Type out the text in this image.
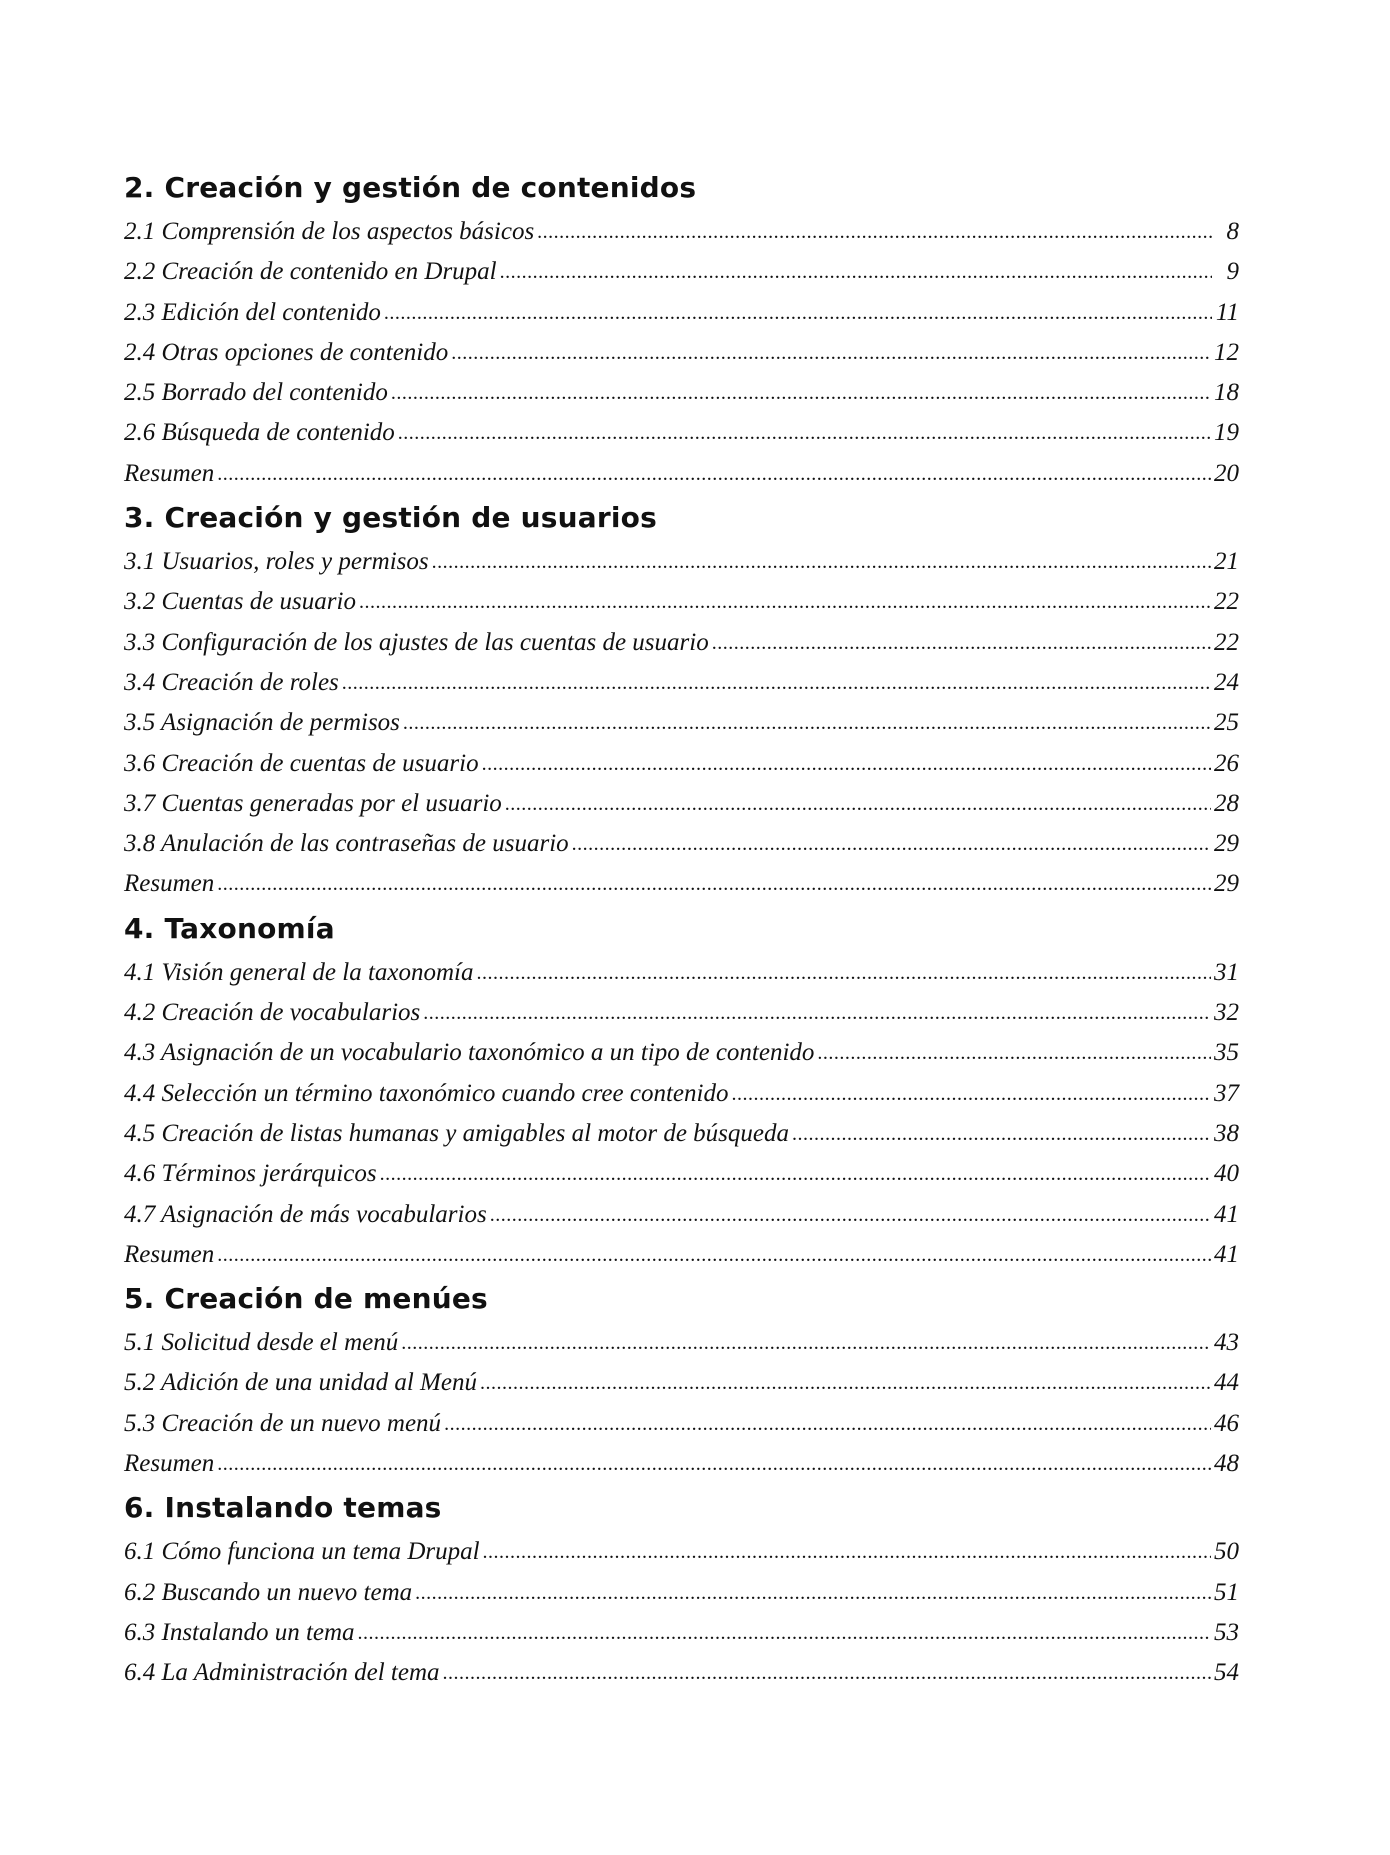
2. Creación y gestión de contenidos
2.1 Comprensión de los aspectos básicos .....	8
2.2 Creación de contenido en Drupal .....	9
2.3 Edición del contenido .....	11
2.4 Otras opciones de contenido .....	12
2.5 Borrado del contenido .....	18
2.6 Búsqueda de contenido .....	19
Resumen .....	20
3. Creación y gestión de usuarios
3.1 Usuarios, roles y permisos .....	21
3.2 Cuentas de usuario .....	22
3.3 Configuración de los ajustes de las cuentas de usuario .....	22
3.4 Creación de roles .....	24
3.5 Asignación de permisos .....	25
3.6 Creación de cuentas de usuario .....	26
3.7 Cuentas generadas por el usuario .....	28
3.8 Anulación de las contraseñas de usuario .....	29
Resumen .....	29
4. Taxonomía
4.1 Visión general de la taxonomía .....	31
4.2 Creación de vocabularios .....	32
4.3 Asignación de un vocabulario taxonómico a un tipo de contenido .....	35
4.4 Selección un término taxonómico cuando cree contenido .....	37
4.5 Creación de listas humanas y amigables al motor de búsqueda .....	38
4.6 Términos jerárquicos .....	40
4.7 Asignación de más vocabularios .....	41
Resumen .....	41
5. Creación de menúes
5.1 Solicitud desde el menú .....	43
5.2 Adición de una unidad al Menú .....	44
5.3 Creación de un nuevo menú .....	46
Resumen .....	48
6. Instalando temas
6.1 Cómo funciona un tema Drupal .....	50
6.2 Buscando un nuevo tema .....	51
6.3 Instalando un tema .....	53
6.4 La Administración del tema .....	54
